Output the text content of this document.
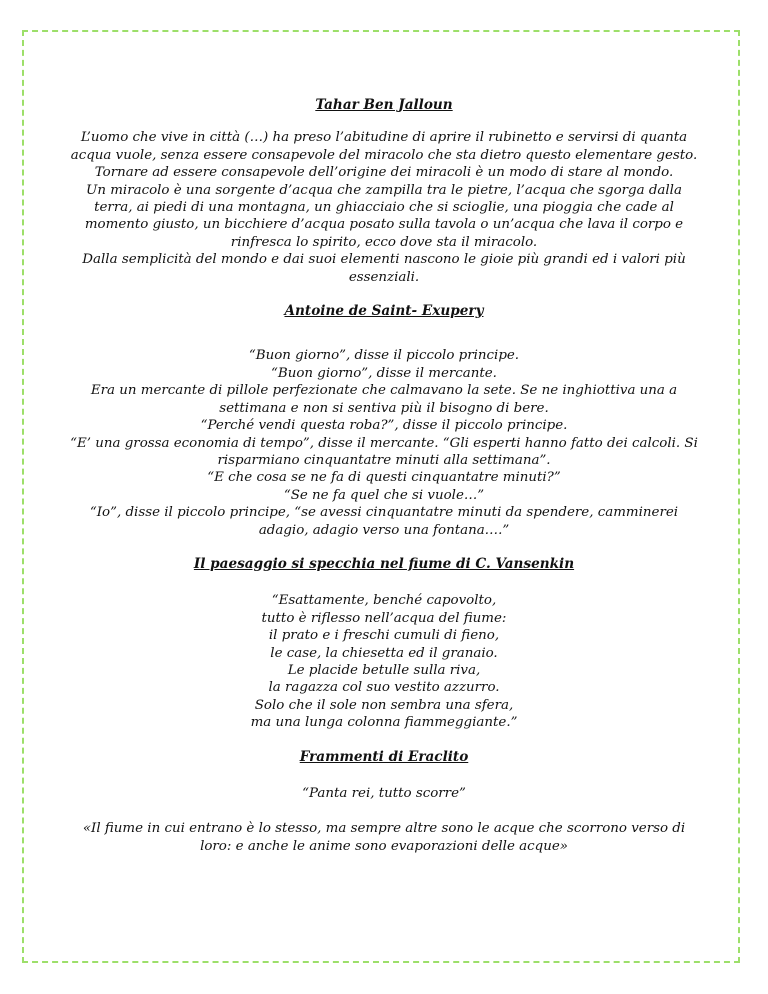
Tahar Ben Jalloun
L’uomo che vive in città (…) ha preso l’abitudine di aprire il rubinetto e servirsi di quanta acqua vuole, senza essere consapevole del miracolo che sta dietro questo elementare gesto.
Tornare ad essere consapevole dell’origine dei miracoli è un modo di stare al mondo.
Un miracolo è una sorgente d’acqua che zampilla tra le pietre, l’acqua che sgorga dalla terra, ai piedi di una montagna, un ghiacciaio che si scioglie, una pioggia che cade al momento giusto, un bicchiere d’acqua posato sulla tavola o un’acqua che lava il corpo e rinfresca lo spirito, ecco dove sta il miracolo.
Dalla semplicità del mondo e dai suoi elementi nascono le gioie più grandi ed i valori più essenziali.
Antoine de Saint- Exupery
“Buon giorno”, disse il piccolo principe.
“Buon giorno”, disse il mercante.
Era un mercante di pillole perfezionate che calmavano la sete. Se ne inghiottiva una a settimana e non si sentiva più il bisogno di bere.
“Perché vendi questa roba?”, disse il piccolo principe.
“E’ una grossa economia di tempo”, disse il mercante. “Gli esperti hanno fatto dei calcoli. Si risparmiano cinquantatre minuti alla settimana”.
“E che cosa se ne fa di questi cinquantatre minuti?”
“Se ne fa quel che si vuole…”
“Io”, disse il piccolo principe, “se avessi cinquantatre minuti da spendere, camminerei adagio, adagio verso una fontana….”
Il paesaggio si specchia nel fiume di C. Vansenkin
“Esattamente, benché capovolto,
tutto è riflesso nell’acqua del fiume:
il prato e i freschi cumuli di fieno,
le case, la chiesetta ed il granaio.
Le placide betulle sulla riva,
la ragazza col suo vestito azzurro.
Solo che il sole non sembra una sfera,
ma una lunga colonna fiammeggiante.”
Frammenti di Eraclito
“Panta rei, tutto scorre”
«Il fiume in cui entrano è lo stesso, ma sempre altre sono le acque che scorrono verso di loro: e anche le anime sono evaporazioni delle acque»
